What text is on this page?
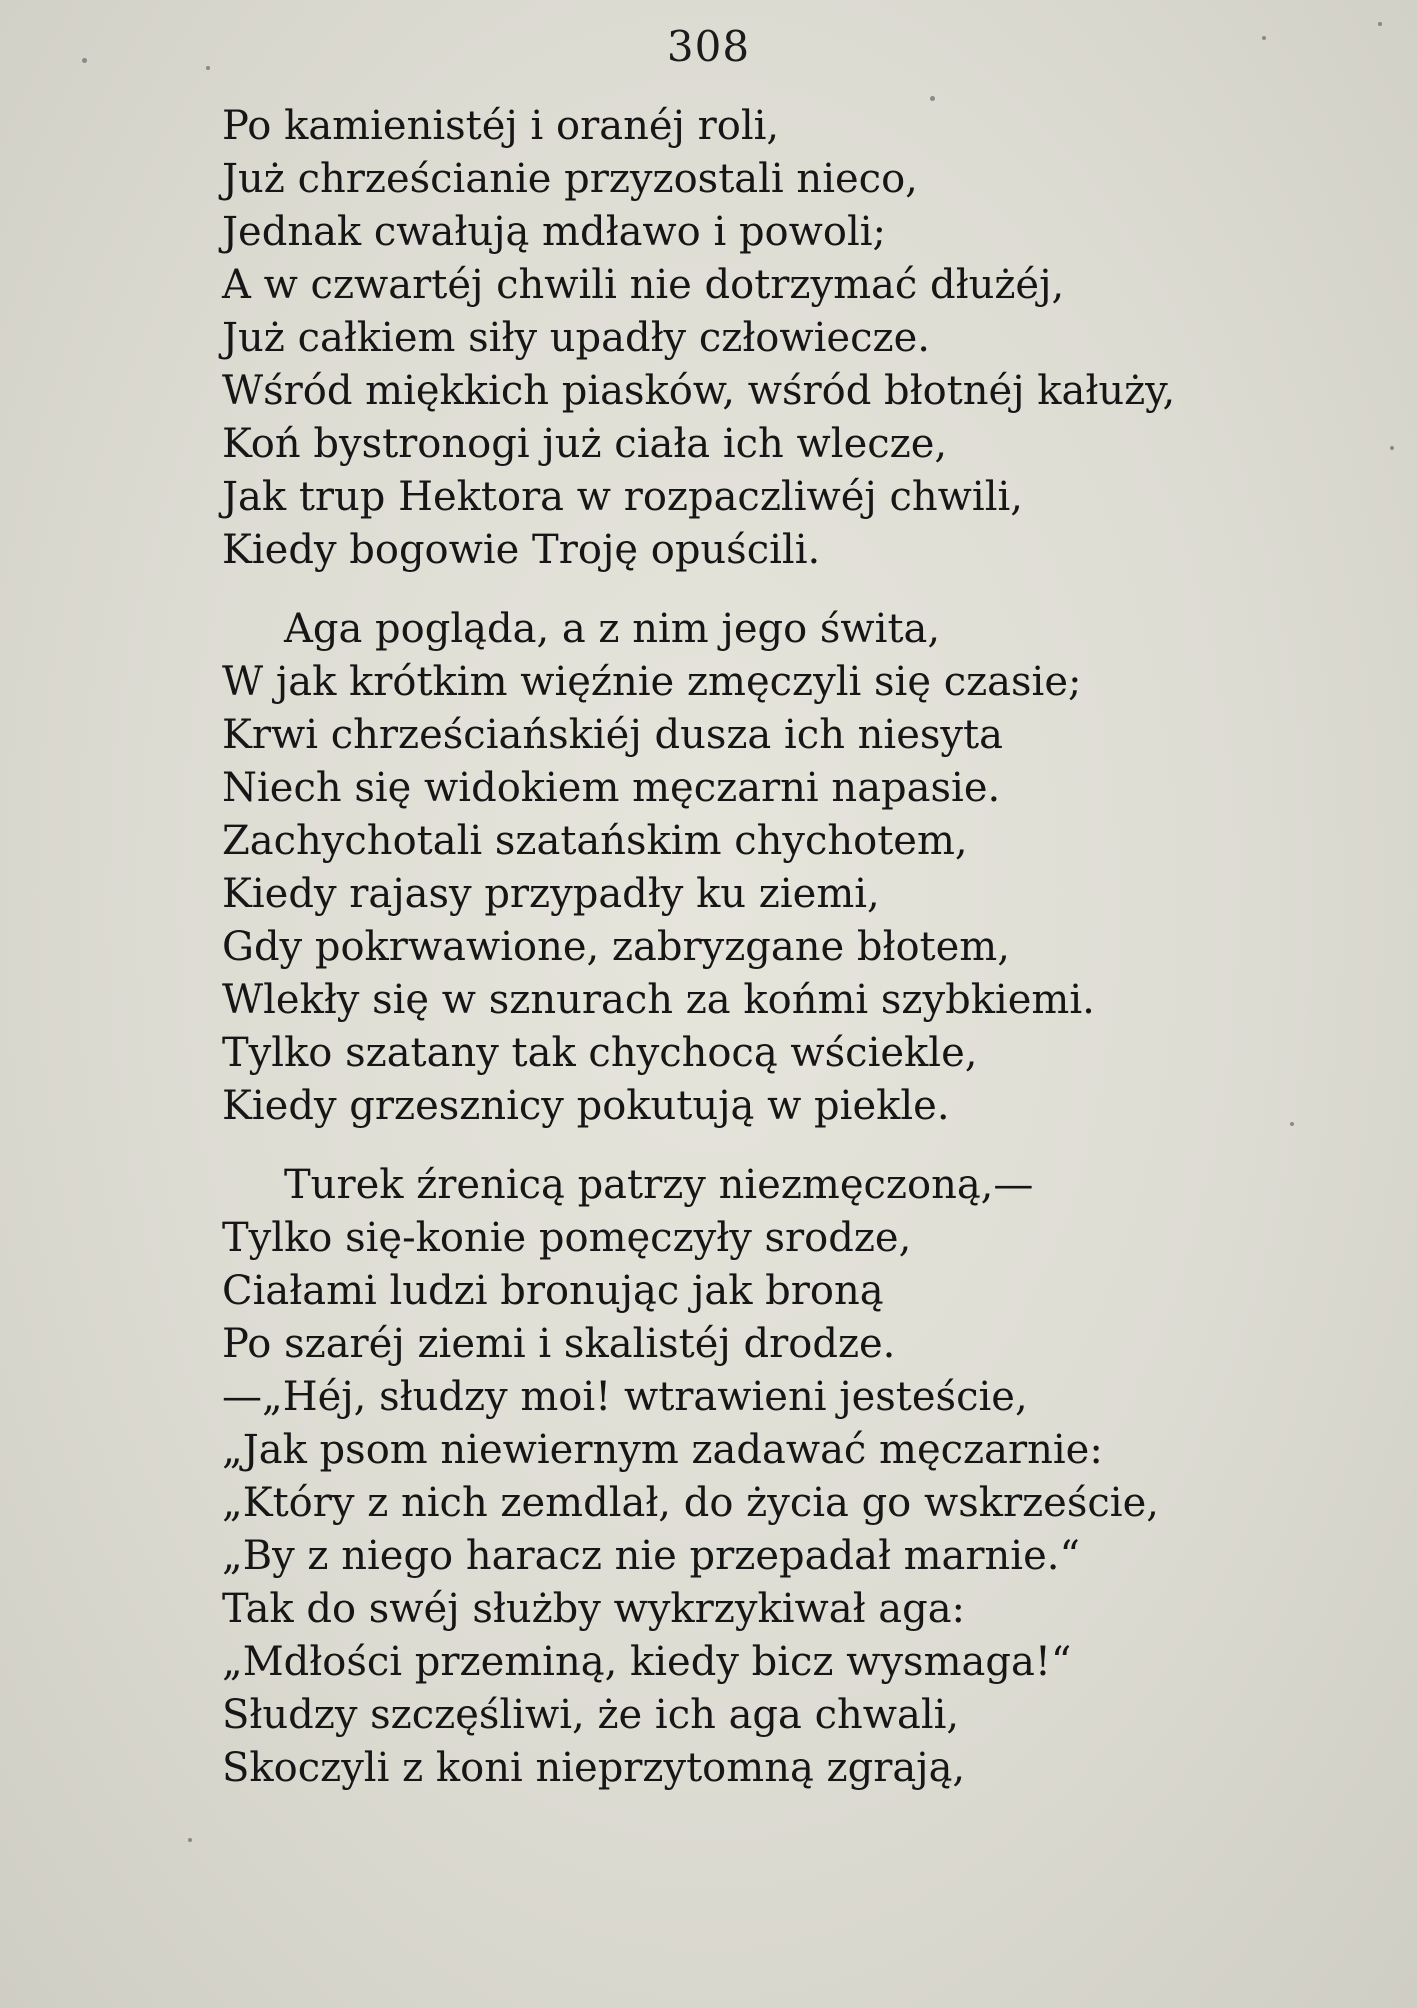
308
Po kamienistéj i oranéj roli,
Już chrześcianie przyzostali nieco,
Jednak cwałują mdławo i powoli;
A w czwartéj chwili nie dotrzymać dłużéj,
Już całkiem siły upadły człowiecze.
Wśród miękkich piasków, wśród błotnéj kałuży,
Koń bystronogi już ciała ich wlecze,
Jak trup Hektora w rozpaczliwéj chwili,
Kiedy bogowie Troję opuścili.
Aga pogląda, a z nim jego świta,
W jak krótkim więźnie zmęczyli się czasie;
Krwi chrześciańskiéj dusza ich niesyta
Niech się widokiem męczarni napasie.
Zachychotali szatańskim chychotem,
Kiedy rajasy przypadły ku ziemi,
Gdy pokrwawione, zabryzgane błotem,
Wlekły się w sznurach za końmi szybkiemi.
Tylko szatany tak chychocą wściekle,
Kiedy grzesznicy pokutują w piekle.
Turek źrenicą patrzy niezmęczoną,—
Tylko się-konie pomęczyły srodze,
Ciałami ludzi bronując jak broną
Po szaréj ziemi i skalistéj drodze.
—„Héj, słudzy moi! wtrawieni jesteście,
„Jak psom niewiernym zadawać męczarnie:
„Który z nich zemdlał, do życia go wskrzeście,
„By z niego haracz nie przepadał marnie.“
Tak do swéj służby wykrzykiwał aga:
„Mdłości przeminą, kiedy bicz wysmaga!“
Słudzy szczęśliwi, że ich aga chwali,
Skoczyli z koni nieprzytomną zgrają,
